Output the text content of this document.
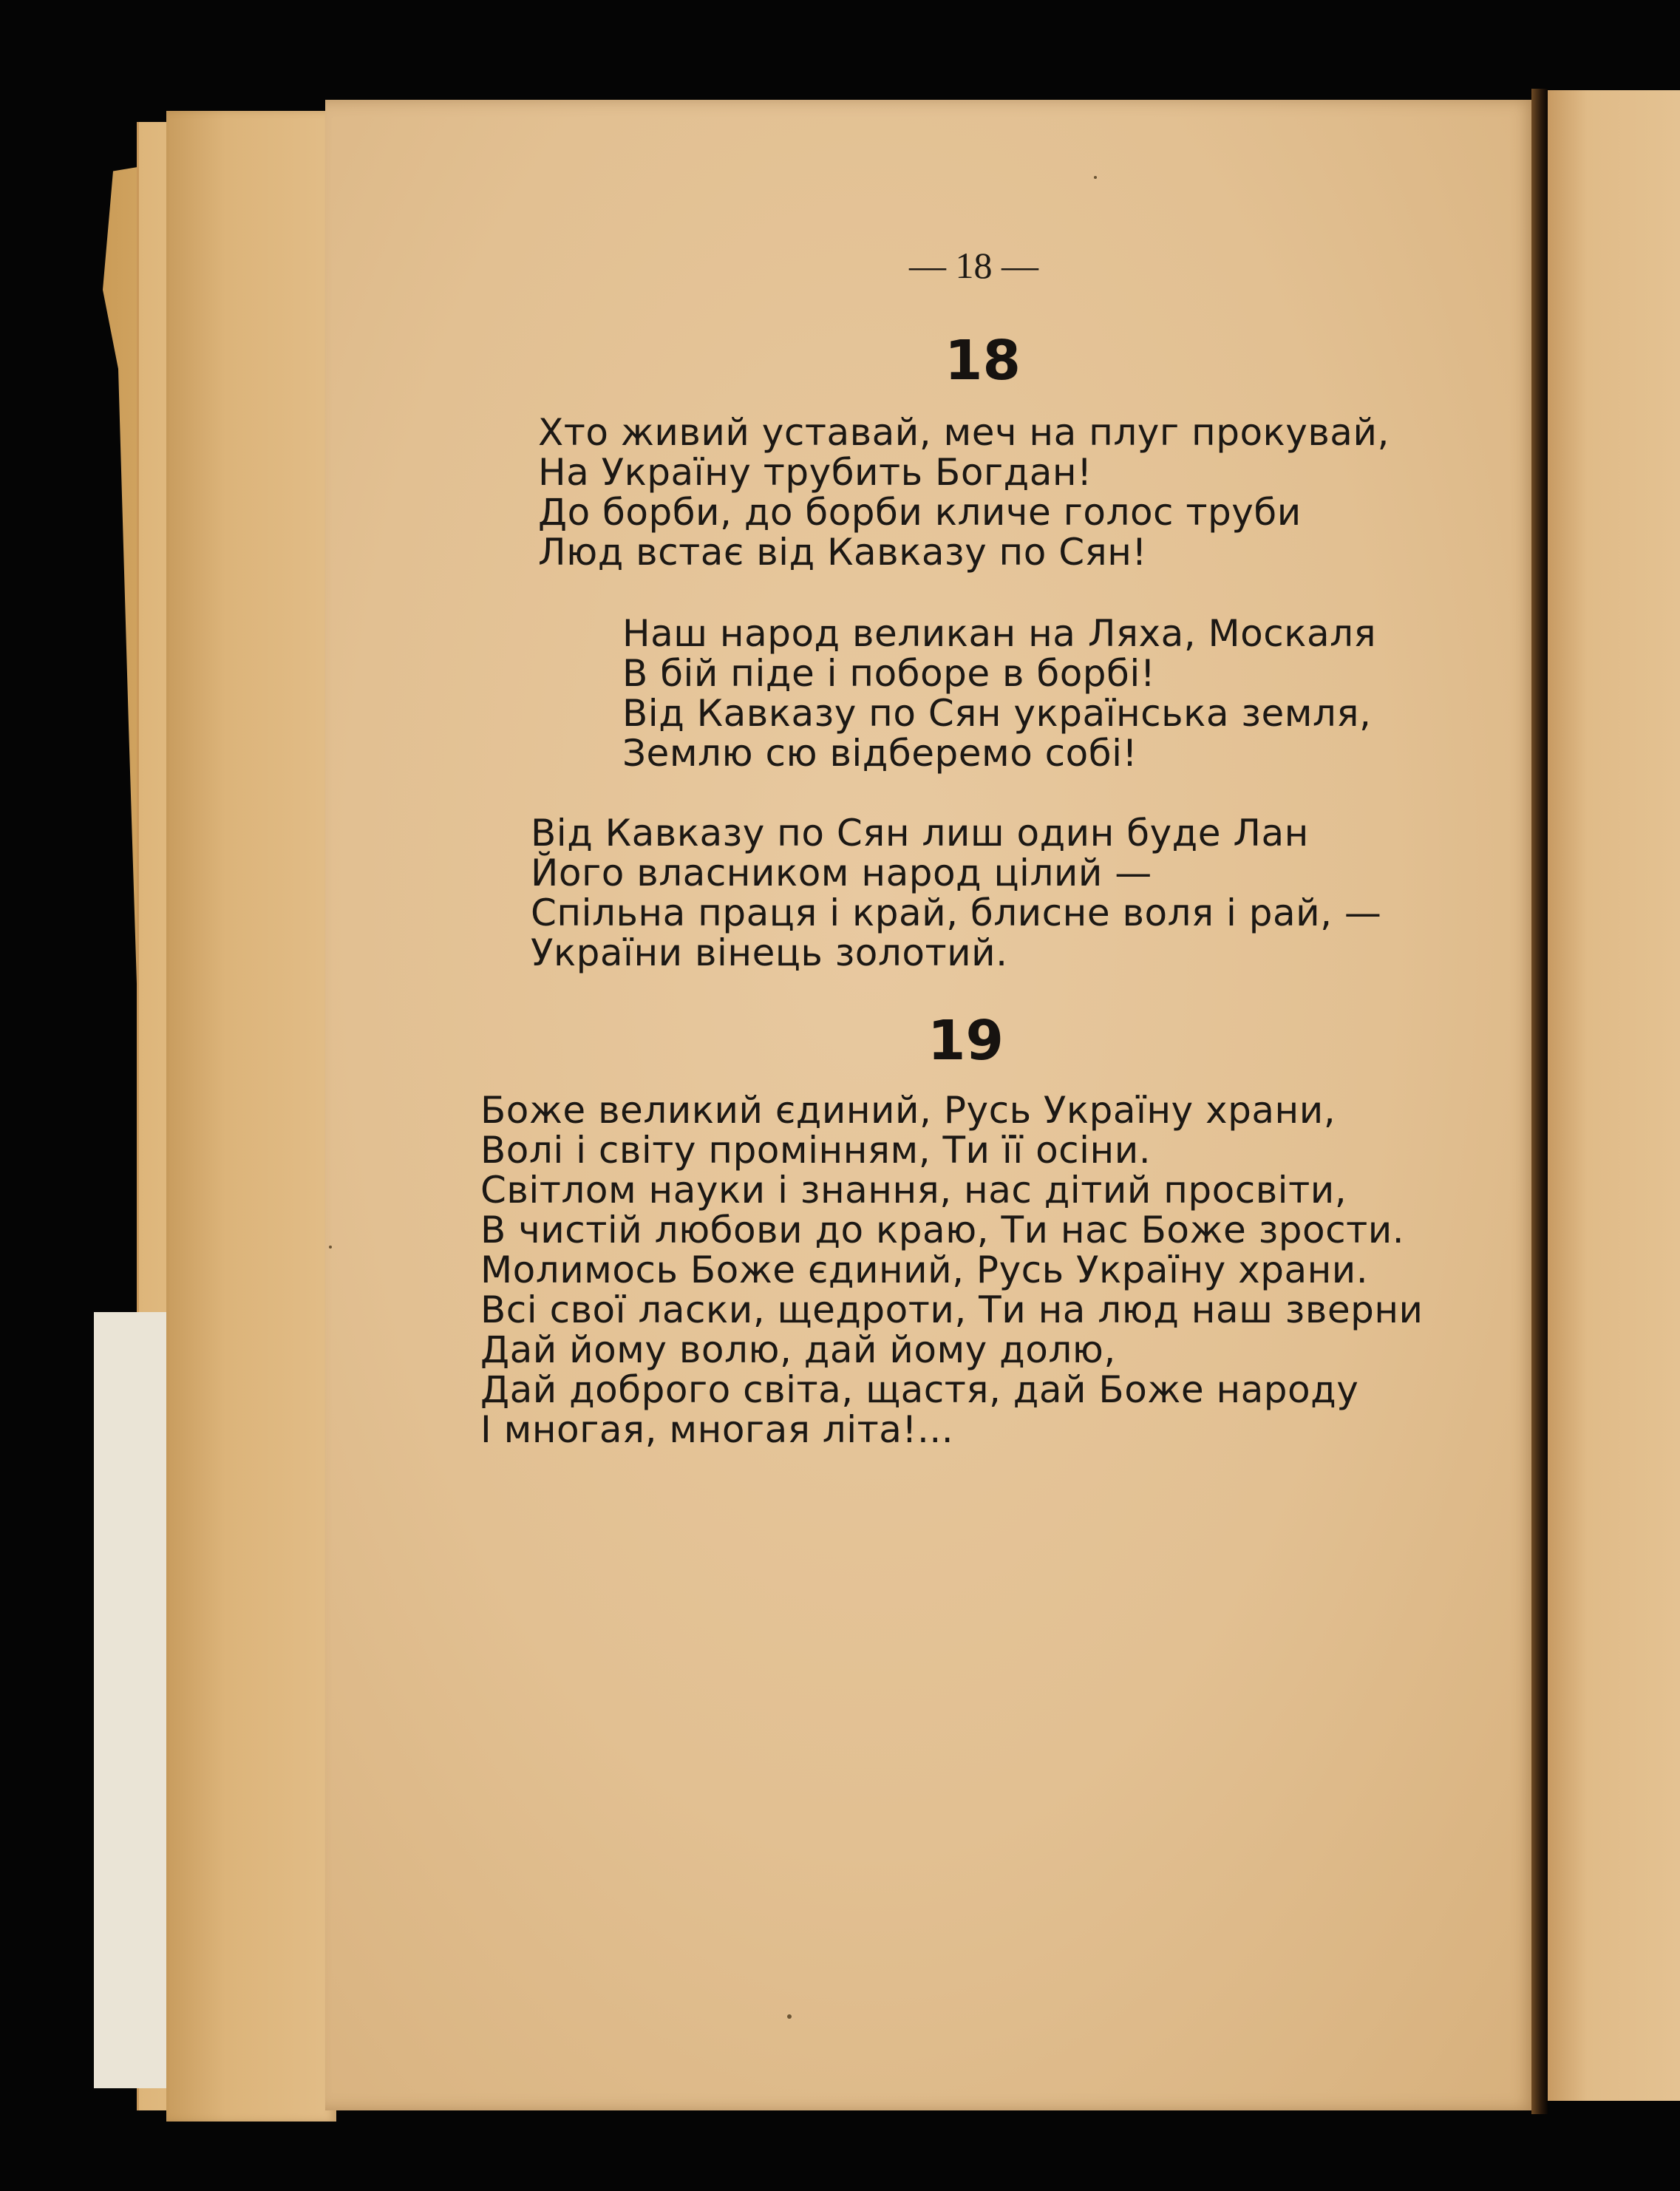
— 18 —
18
Хто живий уставай, меч на плуг прокувай,
На Україну трубить Богдан!
До борби, до борби кличе голос труби
Люд встає від Кавказу по Сян!
Наш народ великан на Ляха, Москаля
В бій піде і поборе в борбі!
Від Кавказу по Сян українська земля,
Землю сю відберемо собі!
Від Кавказу по Сян лиш один буде Лан
Його власником народ цілий —
Спільна праця і край, блисне воля і рай, —
України вінець золотий.
19
Боже великий єдиний, Русь Україну храни,
Волі і світу промінням, Ти її осіни.
Світлом науки і знання, нас дітий просвіти,
В чистій любови до краю, Ти нас Боже зрости.
Молимось Боже єдиний, Русь Україну храни.
Всі свої ласки, щедроти, Ти на люд наш зверни
Дай йому волю, дай йому долю,
Дай доброго світа, щастя, дай Боже народу
І многая, многая літа!...
